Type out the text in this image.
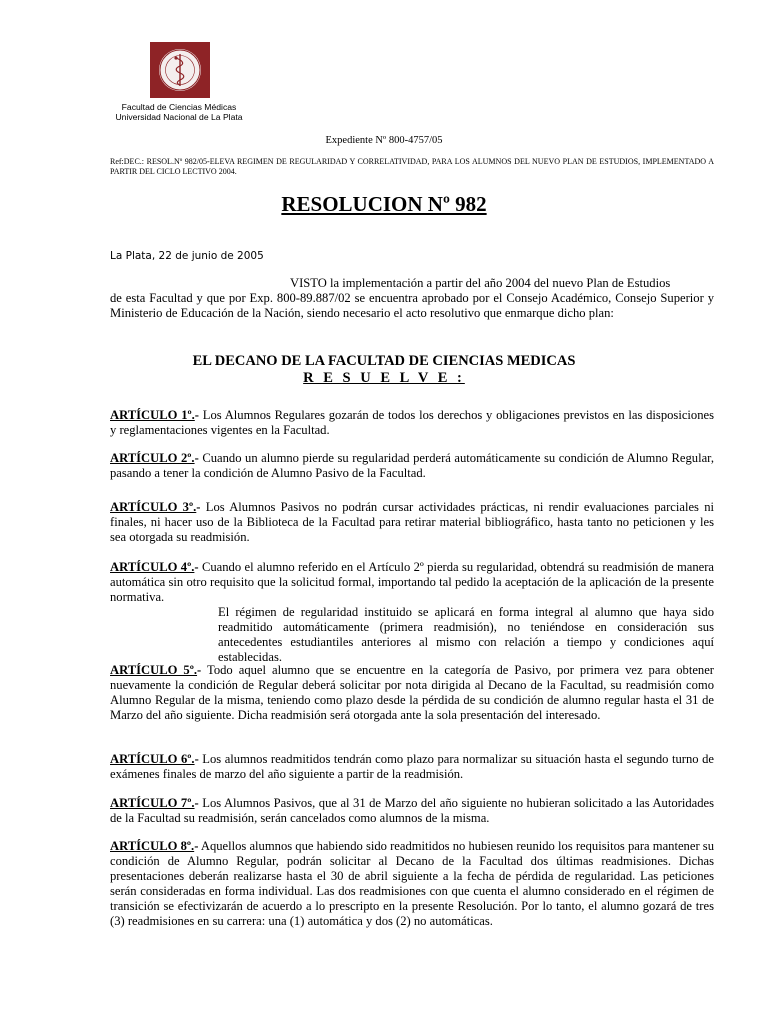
Facultad de Ciencias Médicas
Universidad Nacional de La Plata
Expediente Nº 800-4757/05
Ref:DEC.: RESOL.Nº 982/05-ELEVA REGIMEN DE REGULARIDAD Y CORRELATIVIDAD, PARA LOS ALUMNOS DEL NUEVO PLAN DE ESTUDIOS, IMPLEMENTADO A PARTIR DEL CICLO LECTIVO 2004.
RESOLUCION Nº 982
La Plata, 22 de junio de 2005
VISTO la implementación a partir del año 2004 del nuevo Plan de Estudios
de esta Facultad y que por Exp. 800-89.887/02 se encuentra aprobado por el Consejo Académico, Consejo Superior y Ministerio de Educación de la Nación, siendo necesario el acto resolutivo que enmarque dicho plan:
EL DECANO DE LA FACULTAD DE CIENCIAS MEDICAS
R E S U E L V E :
ARTÍCULO 1º.- Los Alumnos Regulares gozarán de todos los derechos y obligaciones previstos en las disposiciones y reglamentaciones vigentes en la Facultad.
ARTÍCULO 2º.- Cuando un alumno pierde su regularidad perderá automáticamente su condición de Alumno Regular, pasando a tener la condición de Alumno Pasivo de la Facultad.
ARTÍCULO 3º.- Los Alumnos Pasivos no podrán cursar actividades prácticas, ni rendir evaluaciones parciales ni finales, ni hacer uso de la Biblioteca de la Facultad para retirar material bibliográfico, hasta tanto no peticionen y les sea otorgada su readmisión.
ARTÍCULO 4º.- Cuando el alumno referido en el Artículo 2º pierda su regularidad, obtendrá su readmisión de manera automática sin otro requisito que la solicitud formal, importando tal pedido la aceptación de la aplicación de la presente normativa.
El régimen de regularidad instituido se aplicará en forma integral al alumno que haya sido readmitido automáticamente (primera readmisión), no teniéndose en consideración sus antecedentes estudiantiles anteriores al mismo con relación a tiempo y condiciones aquí establecidas.
ARTÍCULO 5º.- Todo aquel alumno que se encuentre en la categoría de Pasivo, por primera vez para obtener nuevamente la condición de Regular deberá solicitar por nota dirigida al Decano de la Facultad, su readmisión como Alumno Regular de la misma, teniendo como plazo desde la pérdida de su condición de alumno regular hasta el 31 de Marzo del año siguiente. Dicha readmisión será otorgada ante la sola presentación del interesado.
ARTÍCULO 6º.- Los alumnos readmitidos tendrán como plazo para normalizar su situación hasta el segundo turno de exámenes finales de marzo del año siguiente a partir de la readmisión.
ARTÍCULO 7º.- Los Alumnos Pasivos, que al 31 de Marzo del año siguiente no hubieran solicitado a las Autoridades de la Facultad su readmisión, serán cancelados como alumnos de la misma.
ARTÍCULO 8º.- Aquellos alumnos que habiendo sido readmitidos no hubiesen reunido los requisitos para mantener su condición de Alumno Regular, podrán solicitar al Decano de la Facultad dos últimas readmisiones. Dichas presentaciones deberán realizarse hasta el 30 de abril siguiente a la fecha de pérdida de regularidad. Las peticiones serán consideradas en forma individual. Las dos readmisiones con que cuenta el alumno considerado en el régimen de transición se efectivizarán de acuerdo a lo prescripto en la presente Resolución. Por lo tanto, el alumno gozará de tres (3) readmisiones en su carrera: una (1) automática y dos (2) no automáticas.
